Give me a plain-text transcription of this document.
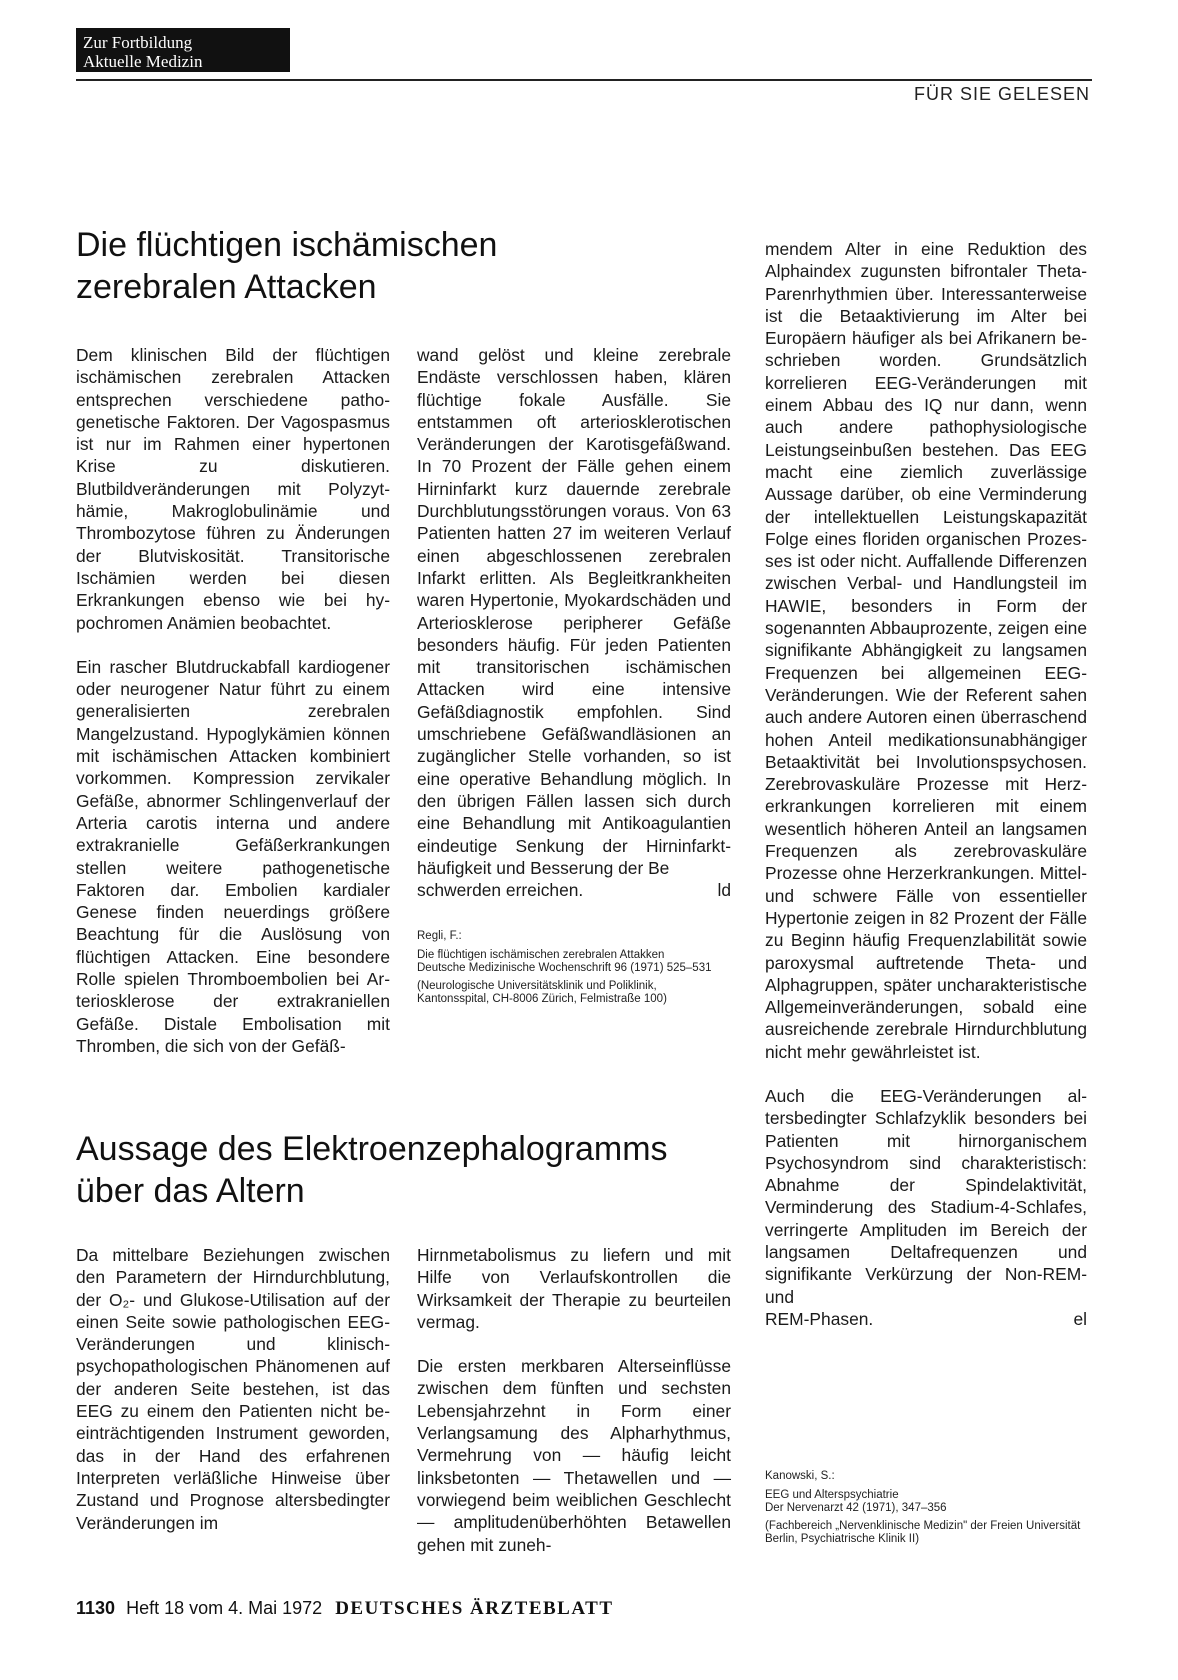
Zur Fortbildung
Aktuelle Medizin
FÜR SIE GELESEN
Die flüchtigen ischämischen
zerebralen Attacken

Dem klinischen Bild der flüchtigen ischämischen zerebralen Attacken entsprechen verschiedene pathogenetische Faktoren. Der Vagospasmus ist nur im Rahmen einer hypertonen Krise zu diskutieren. Blutbildveränderungen mit Polyzythämie, Makroglobulinämie und Thrombozytose führen zu Änderungen der Blutviskosität. Transitorische Ischämien werden bei diesen Erkrankungen ebenso wie bei hypochromen Anämien beobachtet.

Ein rascher Blutdruckabfall kardiogener oder neurogener Natur führt zu einem generalisierten zerebralen Mangelzustand. Hypoglykämien können mit ischämischen Attacken kombiniert vorkommen. Kompression zervikaler Gefäße, abnormer Schlingenverlauf der Arteria carotis interna und andere extrakranielle Gefäßerkrankungen stellen weitere pathogenetische Faktoren dar. Embolien kardialer Genese finden neuerdings größere Beachtung für die Auslösung von flüchtigen Attacken. Eine besondere Rolle spielen Thromboembolien bei Arteriosklerose der extrakraniellen Gefäße. Distale Embolisation mit Thromben, die sich von der Gefäß-

wand gelöst und kleine zerebrale Endäste verschlossen haben, klären flüchtige fokale Ausfälle. Sie entstammen oft arteriosklerotischen Veränderungen der Karotisgefäßwand. In 70 Prozent der Fälle gehen einem Hirninfarkt kurz dauernde zerebrale Durchblutungsstörungen voraus. Von 63 Patienten hatten 27 im weiteren Verlauf einen abgeschlossenen zerebralen Infarkt erlitten. Als Begleitkrankheiten waren Hypertonie, Myokardschäden und Arteriosklerose peripherer Gefäße besonders häufig. Für jeden Patienten mit transitorischen ischämischen Attacken wird eine intensive Gefäßdiagnostik empfohlen. Sind umschriebene Gefäßwandläsionen an zugänglicher Stelle vorhanden, so ist eine operative Behandlung möglich. In den übrigen Fällen lassen sich durch eine Behandlung mit Antikoagulantien eindeutige Senkung der Hirninfarkthäufigkeit und Besserung der Be

schwerden erreichen.	ld
Regli, F.:
Die flüchtigen ischämischen zerebralen Attakken
Deutsche Medizinische Wochenschrift 96 (1971) 525–531
(Neurologische Universitätsklinik und Poliklinik, Kantonsspital, CH-8006 Zürich, Felmistraße 100)
Aussage des Elektroenzephalogramms
über das Altern

Da mittelbare Beziehungen zwischen den Parametern der Hirndurchblutung, der O₂- und Glukose-Utilisation auf der einen Seite sowie pathologischen EEG-Veränderungen und klinisch-psychopathologischen Phänomenen auf der anderen Seite bestehen, ist das EEG zu einem den Patienten nicht beeinträchtigenden Instrument geworden, das in der Hand des erfahrenen Interpreten verläßliche Hinweise über Zustand und Prognose altersbedingter Veränderungen im

Hirnmetabolismus zu liefern und mit Hilfe von Verlaufskontrollen die Wirksamkeit der Therapie zu beurteilen vermag.

Die ersten merkbaren Alterseinflüsse zwischen dem fünften und sechsten Lebensjahrzehnt in Form einer Verlangsamung des Alpharhythmus, Vermehrung von — häufig leicht linksbetonten — Thetawellen und — vorwiegend beim weiblichen Geschlecht — amplitudenüberhöhten Betawellen gehen mit zuneh-

mendem Alter in eine Reduktion des Alphaindex zugunsten bifrontaler Theta-Parenrhythmien über. Interessanterweise ist die Betaaktivierung im Alter bei Europäern häufiger als bei Afrikanern beschrieben worden. Grundsätzlich korrelieren EEG-Veränderungen mit einem Abbau des IQ nur dann, wenn auch andere pathophysiologische Leistungseinbußen bestehen. Das EEG macht eine ziemlich zuverlässige Aussage darüber, ob eine Verminderung der intellektuellen Leistungskapazität Folge eines floriden organischen Prozesses ist oder nicht. Auffallende Differenzen zwischen Verbal- und Handlungsteil im HAWIE, besonders in Form der sogenannten Abbauprozente, zeigen eine signifikante Abhängigkeit zu langsamen Frequenzen bei allgemeinen EEG-Veränderungen. Wie der Referent sahen auch andere Autoren einen überraschend hohen Anteil medikationsunabhängiger Betaaktivität bei Involutionspsychosen. Zerebrovaskuläre Prozesse mit Herzerkrankungen korrelieren mit einem wesentlich höheren Anteil an langsamen Frequenzen als zerebrovaskuläre Prozesse ohne Herzerkrankungen. Mittel- und schwere Fälle von essentieller Hypertonie zeigen in 82 Prozent der Fälle zu Beginn häufig Frequenzlabilität sowie paroxysmal auftretende Theta- und Alphagruppen, später uncharakteristische Allgemeinveränderungen, sobald eine ausreichende zerebrale Hirndurchblutung nicht mehr gewährleistet ist.

Auch die EEG-Veränderungen altersbedingter Schlafzyklik besonders bei Patienten mit hirnorganischem Psychosyndrom sind charakteristisch: Abnahme der Spindelaktivität, Verminderung des Stadium-4-Schlafes, verringerte Amplituden im Bereich der langsamen Deltafrequenzen und signifikante Verkürzung der Non-REM- und

REM-Phasen.	el
Kanowski, S.:
EEG und Alterspsychiatrie
Der Nervenarzt 42 (1971), 347–356
(Fachbereich „Nervenklinische Medizin" der Freien Universität Berlin, Psychiatrische Klinik II)
1130 Heft 18 vom 4. Mai 1972 DEUTSCHES ÄRZTEBLATT
